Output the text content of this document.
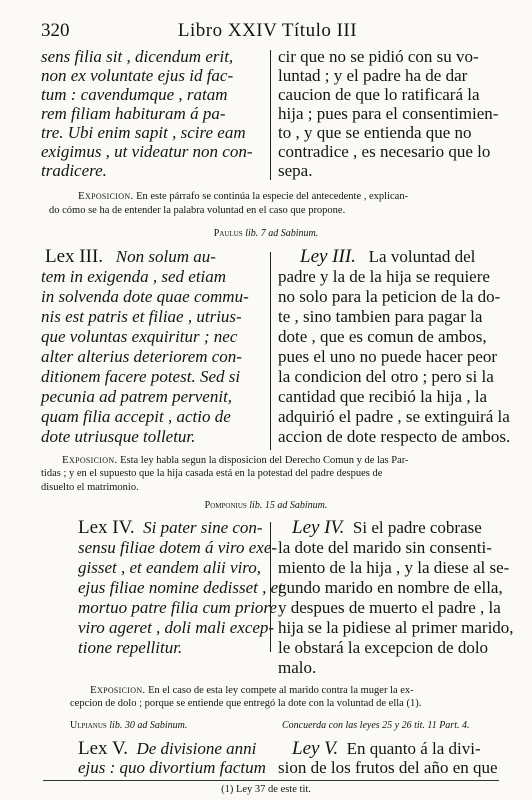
320	Libro XXIV Título III
sens filia sit , dicendum erit,
non ex voluntate ejus id fac-
tum : cavendumque , ratam
rem filiam habituram á pa-
tre. Ubi enim sapit , scire eam
exigimus , ut videatur non con-
tradicere.
cir que no se pidió con su vo-
luntad ; y el padre ha de dar
caucion de que lo ratificará la
hija ; pues para el consentimien-
to , y que se entienda que no
contradice , es necesario que lo
sepa.
Exposicion. En este párrafo se continúa la especie del antecedente , explican-
do cómo se ha de entender la palabra voluntad en el caso que propone.
Paulus lib. 7 ad Sabinum.
Lex III. Non solum au-
tem in exigenda , sed etiam
in solvenda dote quae commu-
nis est patris et filiae , utrius-
que voluntas exquiritur ; nec
alter alterius deteriorem con-
ditionem facere potest. Sed si
pecunia ad patrem pervenit,
quam filia accepit , actio de
dote utriusque tolletur.
Ley III. La voluntad del
padre y la de la hija se requiere
no solo para la peticion de la do-
te , sino tambien para pagar la
dote , que es comun de ambos,
pues el uno no puede hacer peor
la condicion del otro ; pero si la
cantidad que recibió la hija , la
adquirió el padre , se extinguirá la
accion de dote respecto de ambos.
Exposicion. Esta ley habla segun la disposicion del Derecho Comun y de las Par-
tidas ; y en el supuesto que la hija casada está en la potestad del padre despues de
disuelto el matrimonio.
Pomponius lib. 15 ad Sabinum.
Lex IV. Si pater sine con-
sensu filiae dotem á viro exe-
gisset , et eandem alii viro,
ejus filiae nomine dedisset , et
mortuo patre filia cum priore
viro ageret , doli mali excep-
tione repellitur.
Ley IV. Si el padre cobrase
la dote del marido sin consenti-
miento de la hija , y la diese al se-
gundo marido en nombre de ella,
y despues de muerto el padre , la
hija se la pidiese al primer marido,
le obstará la excepcion de dolo
malo.
Exposicion. En el caso de esta ley compete al marido contra la muger la ex-
cepcion de dolo ; porque se entiende que entregó la dote con la voluntad de ella (1).
Ulpianus lib. 30 ad Sabinum.	Concuerda con las leyes 25 y 26 tit. 11 Part. 4.
Lex V. De divisione anni
ejus : quo divortium factum
Ley V. En quanto á la divi-
sion de los frutos del año en que
(1) Ley 37 de este tit.
